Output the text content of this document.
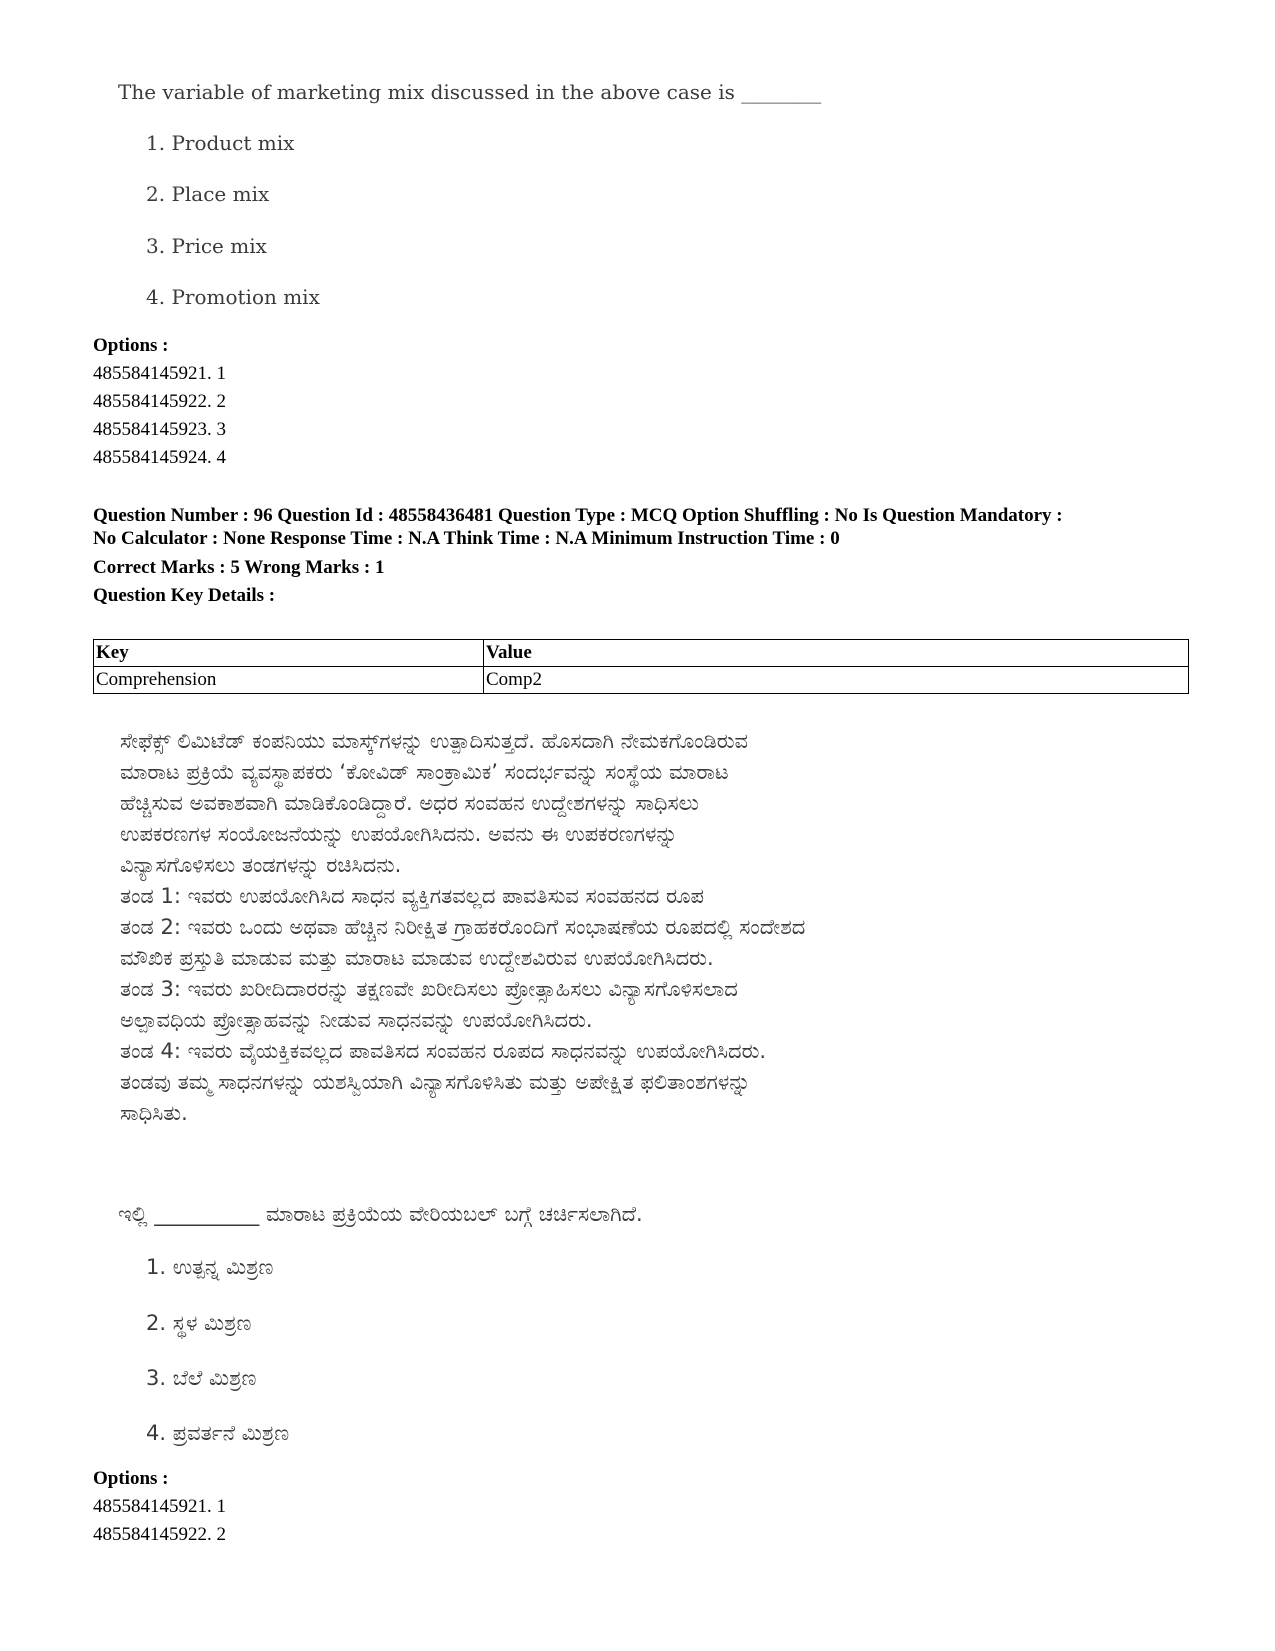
The variable of marketing mix discussed in the above case is ________
1. Product mix
2. Place mix
3. Price mix
4. Promotion mix
Options :
485584145921. 1
485584145922. 2
485584145923. 3
485584145924. 4
Question Number : 96 Question Id : 48558436481 Question Type : MCQ Option Shuffling : No Is Question Mandatory :
No Calculator : None Response Time : N.A Think Time : N.A Minimum Instruction Time : 0
Correct Marks : 5 Wrong Marks : 1
Question Key Details :
Key	Value
Comprehension	Comp2
ಸೇಫೆಕ್ಸ್ ಲಿಮಿಟೆಡ್ ಕಂಪನಿಯು ಮಾಸ್ಕ್‌ಗಳನ್ನು ಉತ್ಪಾದಿಸುತ್ತದೆ. ಹೊಸದಾಗಿ ನೇಮಕಗೊಂಡಿರುವ
ಮಾರಾಟ ಪ್ರಕ್ರಿಯೆ ವ್ಯವಸ್ಥಾಪಕರು ‘ಕೋವಿಡ್ ಸಾಂಕ್ರಾಮಿಕ’ ಸಂದರ್ಭವನ್ನು ಸಂಸ್ಥೆಯ ಮಾರಾಟ
ಹೆಚ್ಚಿಸುವ ಅವಕಾಶವಾಗಿ ಮಾಡಿಕೊಂಡಿದ್ದಾರೆ. ಅಧರ ಸಂವಹನ ಉದ್ದೇಶಗಳನ್ನು ಸಾಧಿಸಲು
ಉಪಕರಣಗಳ ಸಂಯೋಜನೆಯನ್ನು ಉಪಯೋಗಿಸಿದನು. ಅವನು ಈ ಉಪಕರಣಗಳನ್ನು
ವಿನ್ಯಾಸಗೊಳಿಸಲು ತಂಡಗಳನ್ನು ರಚಿಸಿದನು.
ತಂಡ 1: ಇವರು ಉಪಯೋಗಿಸಿದ ಸಾಧನ ವ್ಯಕ್ತಿಗತವಲ್ಲದ ಪಾವತಿಸುವ ಸಂವಹನದ ರೂಪ
ತಂಡ 2: ಇವರು ಒಂದು ಅಥವಾ ಹೆಚ್ಚಿನ ನಿರೀಕ್ಷಿತ ಗ್ರಾಹಕರೊಂದಿಗೆ ಸಂಭಾಷಣೆಯ ರೂಪದಲ್ಲಿ ಸಂದೇಶದ
ಮೌಖಿಕ ಪ್ರಸ್ತುತಿ ಮಾಡುವ ಮತ್ತು ಮಾರಾಟ ಮಾಡುವ ಉದ್ದೇಶವಿರುವ ಉಪಯೋಗಿಸಿದರು.
ತಂಡ 3: ಇವರು ಖರೀದಿದಾರರನ್ನು ತಕ್ಷಣವೇ ಖರೀದಿಸಲು ಪ್ರೋತ್ಸಾಹಿಸಲು ವಿನ್ಯಾಸಗೊಳಿಸಲಾದ
ಅಲ್ಪಾವಧಿಯ ಪ್ರೋತ್ಸಾಹವನ್ನು ನೀಡುವ ಸಾಧನವನ್ನು ಉಪಯೋಗಿಸಿದರು.
ತಂಡ 4: ಇವರು ವೈಯಕ್ತಿಕವಲ್ಲದ ಪಾವತಿಸದ ಸಂವಹನ ರೂಪದ ಸಾಧನವನ್ನು ಉಪಯೋಗಿಸಿದರು.
ತಂಡವು ತಮ್ಮ ಸಾಧನಗಳನ್ನು ಯಶಸ್ವಿಯಾಗಿ ವಿನ್ಯಾಸಗೊಳಿಸಿತು ಮತ್ತು ಅಪೇಕ್ಷಿತ ಫಲಿತಾಂಶಗಳನ್ನು
ಸಾಧಿಸಿತು.
ಇಲ್ಲಿ __________ ಮಾರಾಟ ಪ್ರಕ್ರಿಯೆಯ ವೇರಿಯಬಲ್ ಬಗ್ಗೆ ಚರ್ಚಿಸಲಾಗಿದೆ.
1. ಉತ್ಪನ್ನ ಮಿಶ್ರಣ
2. ಸ್ಥಳ ಮಿಶ್ರಣ
3. ಬೆಲೆ ಮಿಶ್ರಣ
4. ಪ್ರವರ್ತನೆ ಮಿಶ್ರಣ
Options :
485584145921. 1
485584145922. 2
